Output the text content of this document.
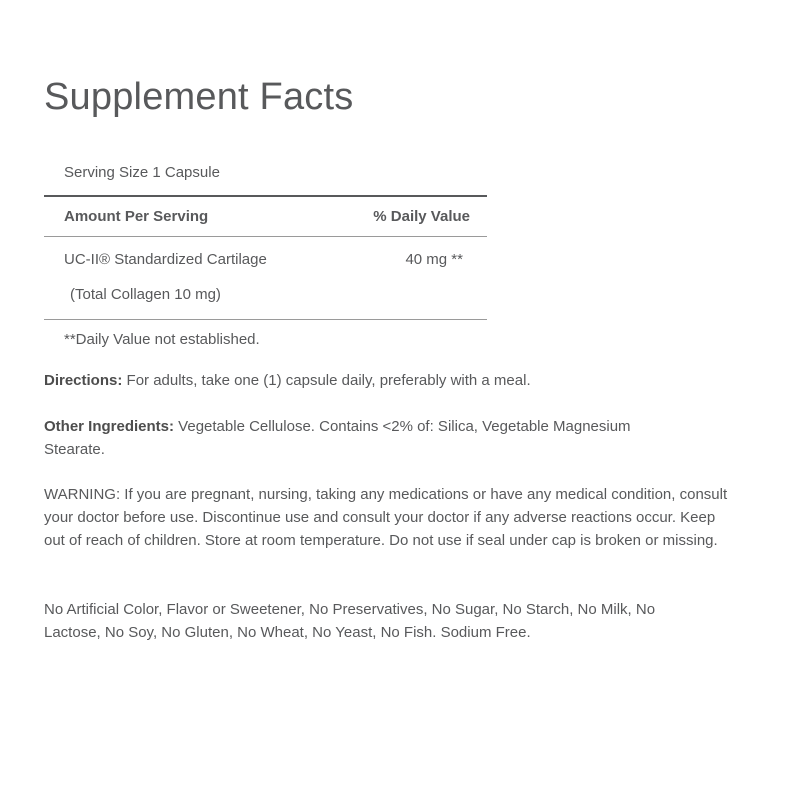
Supplement Facts
Serving Size 1 Capsule
Amount Per Serving	% Daily Value
UC-II® Standardized Cartilage	40 mg **
(Total Collagen 10 mg)
**Daily Value not established.
Directions: For adults, take one (1) capsule daily, preferably with a meal.
Other Ingredients: Vegetable Cellulose. Contains <2% of: Silica, Vegetable Magnesium Stearate.
WARNING: If you are pregnant, nursing, taking any medications or have any medical condition, consult your doctor before use. Discontinue use and consult your doctor if any adverse reactions occur. Keep out of reach of children. Store at room temperature. Do not use if seal under cap is broken or missing.
No Artificial Color, Flavor or Sweetener, No Preservatives, No Sugar, No Starch, No Milk, No Lactose, No Soy, No Gluten, No Wheat, No Yeast, No Fish. Sodium Free.
